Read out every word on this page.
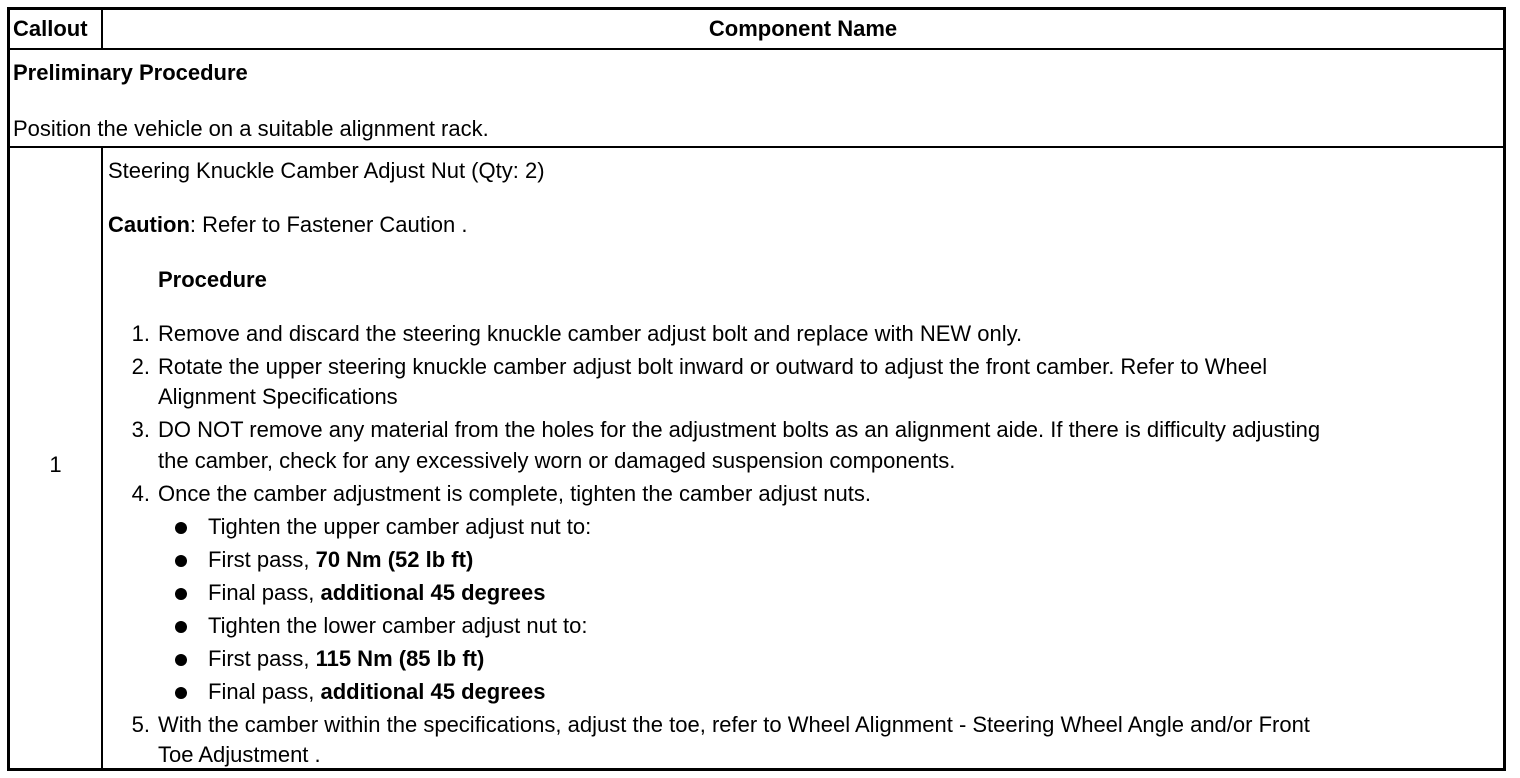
Callout	Component Name
Preliminary Procedure
Position the vehicle on a suitable alignment rack.
1
Steering Knuckle Camber Adjust Nut (Qty: 2)
Caution: Refer to Fastener Caution .
Procedure
1. Remove and discard the steering knuckle camber adjust bolt and replace with NEW only.
2. Rotate the upper steering knuckle camber adjust bolt inward or outward to adjust the front camber. Refer to Wheel
Alignment Specifications
3. DO NOT remove any material from the holes for the adjustment bolts as an alignment aide. If there is difficulty adjusting
the camber, check for any excessively worn or damaged suspension components.
4. Once the camber adjustment is complete, tighten the camber adjust nuts.
Tighten the upper camber adjust nut to:
First pass, 70 Nm (52 lb ft)
Final pass, additional 45 degrees
Tighten the lower camber adjust nut to:
First pass, 115 Nm (85 lb ft)
Final pass, additional 45 degrees
5. With the camber within the specifications, adjust the toe, refer to Wheel Alignment - Steering Wheel Angle and/or Front
Toe Adjustment .
